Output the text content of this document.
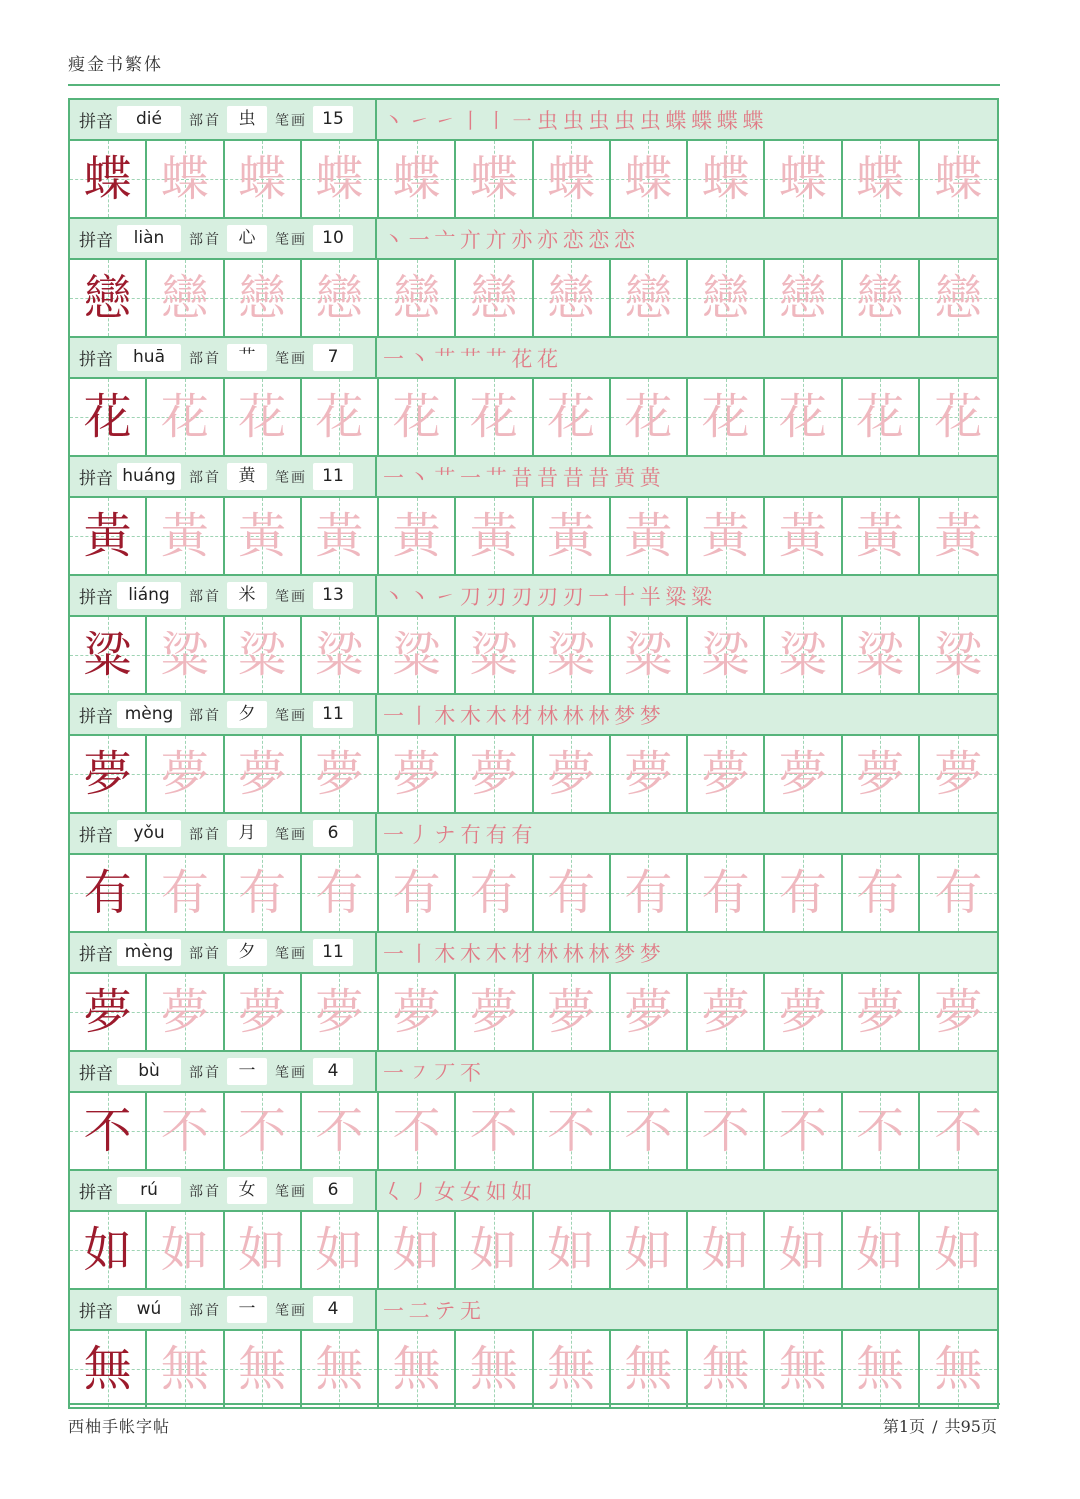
瘦金书繁体
拼音	dié	部首	虫	笔画 15	丶 ㇀ ㇀ 丨 ㇑ ㇐ 虫 虫 虫 虫 虫 蝶 蝶 蝶 蝶
蝶 蝶 蝶 蝶 蝶 蝶 蝶 蝶 蝶 蝶 蝶 蝶
拼音	liàn	部首	心	笔画 10	丶 一 亠 亣 亣 亦 亦 恋 恋 恋
戀 戀 戀 戀 戀 戀 戀 戀 戀 戀 戀 戀
拼音	huā	部首	艹	笔画	7	一 丶 艹 艹 艹 花 花
花 花 花 花 花 花 花 花 花 花 花 花
拼音 huáng 部首	黄	笔画 11	一 丶 艹 一 艹 昔 昔 昔 昔 黄 黄
黃 黃 黃 黃 黃 黃 黃 黃 黃 黃 黃 黃
拼音 liáng	部首	米	笔画 13	丶 丶 ㇀ 刀 刃 刃 刃 刃 一 十 半 粱 粱
粱 粱 粱 粱 粱 粱 粱 粱 粱 粱 粱 粱
拼音 mèng	部首	夕	笔画 11	一 丨 木 木 木 材 林 林 林 梦 梦
夢 夢 夢 夢 夢 夢 夢 夢 夢 夢 夢 夢
拼音	yǒu	部首	月	笔画	6	一 丿 ナ 冇 有 有
有 有 有 有 有 有 有 有 有 有 有 有
拼音 mèng	部首	夕	笔画 11	一 丨 木 木 木 材 林 林 林 梦 梦
夢 夢 夢 夢 夢 夢 夢 夢 夢 夢 夢 夢
拼音	bù	部首	一	笔画	4	一 ㇇ 丆 不
不 不 不 不 不 不 不 不 不 不 不 不
拼音	rú	部首	女	笔画	6	𡿨 ㇓ 女 女 如 如
如 如 如 如 如 如 如 如 如 如 如 如
拼音	wú	部首	一	笔画	4	一 二 テ 无
無 無 無 無 無 無 無 無 無 無 無 無
西柚手帐字帖	第1页 / 共95页
